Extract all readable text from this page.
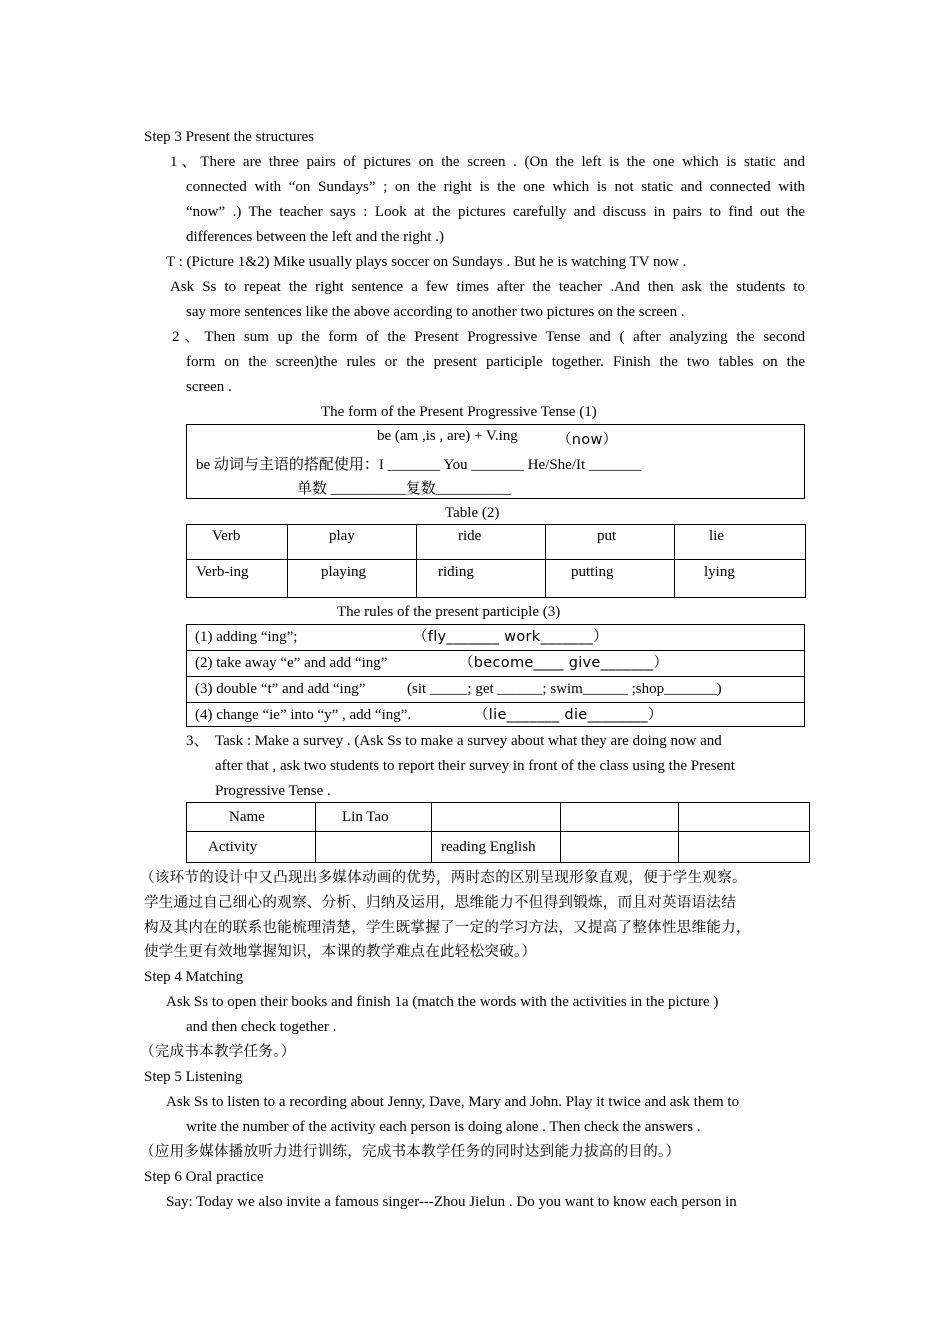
Step 3 Present the structures
1、There are three pairs of pictures on the screen . (On the left is the one which is static and
connected with “on Sundays” ; on the right is the one which is not static and connected with
“now” .) The teacher says : Look at the pictures carefully and discuss in pairs to find out the
differences between the left and the right .)
T : (Picture 1&2) Mike usually plays soccer on Sundays . But he is watching TV now .
Ask Ss to repeat the right sentence a few times after the teacher .And then ask the students to
say more sentences like the above according to another two pictures on the screen .
2、Then sum up the form of the Present Progressive Tense and ( after analyzing the second
form on the screen)the rules or the present participle together. Finish the two tables on the
screen .
The form of the Present Progressive Tense (1)
be (am ,is , are) + V.ing	（now）
be 动词与主语的搭配使用：I _______ You _______ He/She/It _______
单数 __________复数__________
Table (2)
Verb	play	ride	put	lie
Verb-ing	playing	riding	putting	lying
The rules of the present participle (3)
(1) adding “ing”;	（fly_______ work_______）
(2) take away “e” and add “ing”	（become____ give_______）
(3) double “t” and add “ing”	(sit _____; get ______; swim______ ;shop_______)
(4) change “ie” into “y” , add “ing”.	（lie_______ die________）
3、 Task : Make a survey . (Ask Ss to make a survey about what they are doing now and
after that , ask two students to report their survey in front of the class using the Present
Progressive Tense .
Name	Lin Tao			
Activity		reading English		
（该环节的设计中又凸现出多媒体动画的优势，两时态的区别呈现形象直观，便于学生观察。
学生通过自己细心的观察、分析、归纳及运用，思维能力不但得到锻炼，而且对英语语法结
构及其内在的联系也能梳理清楚，学生既掌握了一定的学习方法，又提高了整体性思维能力，
使学生更有效地掌握知识，本课的教学难点在此轻松突破。）
Step 4 Matching
Ask Ss to open their books and finish 1a (match the words with the activities in the picture )
and then check together .
（完成书本教学任务。）
Step 5 Listening
Ask Ss to listen to a recording about Jenny, Dave, Mary and John. Play it twice and ask them to
write the number of the activity each person is doing alone . Then check the answers .
（应用多媒体播放听力进行训练，完成书本教学任务的同时达到能力拔高的目的。）
Step 6 Oral practice
Say: Today we also invite a famous singer---Zhou Jielun . Do you want to know each person in
